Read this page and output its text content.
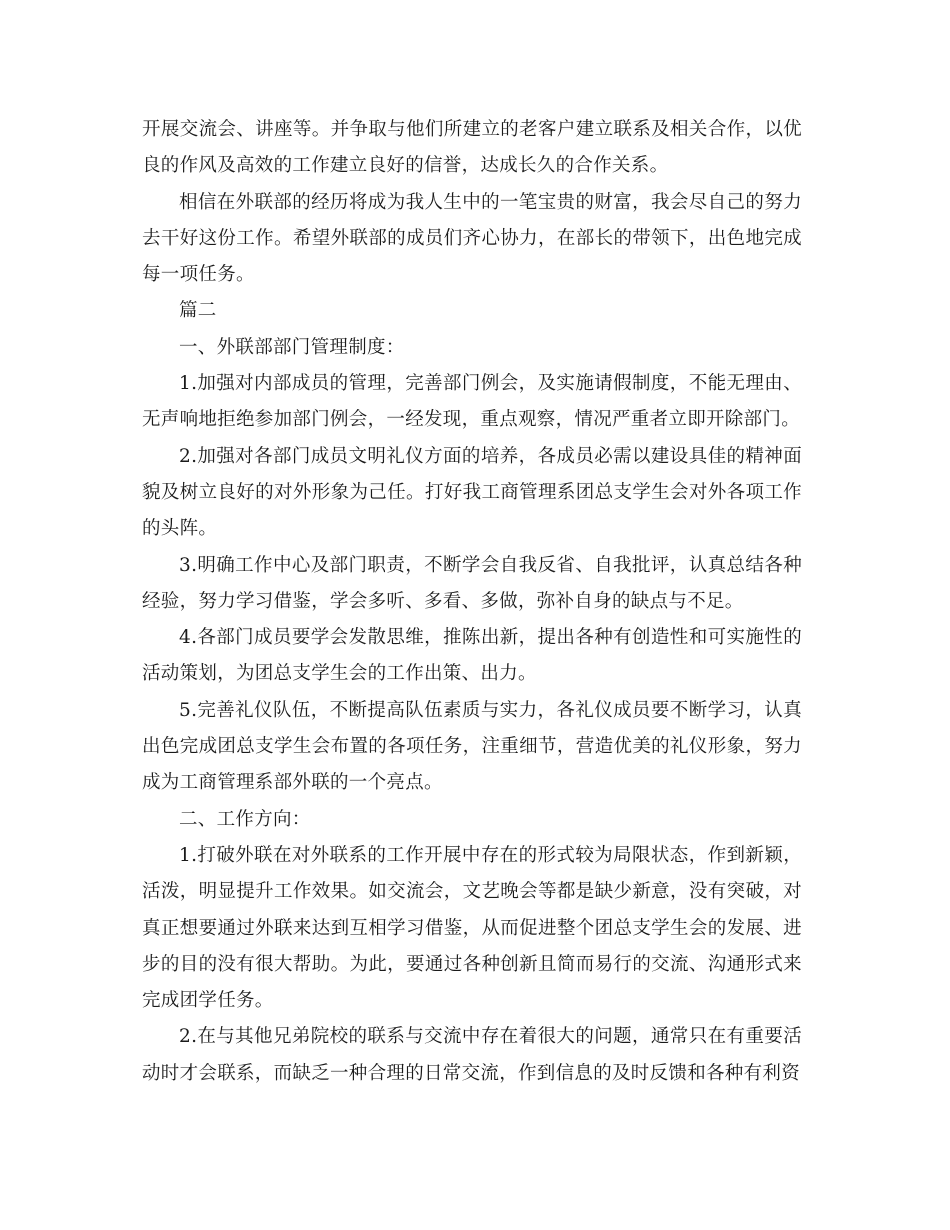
开展交流会、讲座等。并争取与他们所建立的老客户建立联系及相关合作，以优良的作风及高效的工作建立良好的信誉，达成长久的合作关系。

相信在外联部的经历将成为我人生中的一笔宝贵的财富，我会尽自己的努力去干好这份工作。希望外联部的成员们齐心协力，在部长的带领下，出色地完成每一项任务。

篇二

一、外联部部门管理制度：

1.加强对内部成员的管理，完善部门例会，及实施请假制度，不能无理由、无声响地拒绝参加部门例会，一经发现，重点观察，情况严重者立即开除部门。

2.加强对各部门成员文明礼仪方面的培养，各成员必需以建设具佳的精神面貌及树立良好的对外形象为己任。打好我工商管理系团总支学生会对外各项工作的头阵。

3.明确工作中心及部门职责，不断学会自我反省、自我批评，认真总结各种经验，努力学习借鉴，学会多听、多看、多做，弥补自身的缺点与不足。

4.各部门成员要学会发散思维，推陈出新，提出各种有创造性和可实施性的活动策划，为团总支学生会的工作出策、出力。

5.完善礼仪队伍，不断提高队伍素质与实力，各礼仪成员要不断学习，认真出色完成团总支学生会布置的各项任务，注重细节，营造优美的礼仪形象，努力成为工商管理系部外联的一个亮点。

二、工作方向：

1.打破外联在对外联系的工作开展中存在的形式较为局限状态，作到新颖，活泼，明显提升工作效果。如交流会，文艺晚会等都是缺少新意，没有突破，对真正想要通过外联来达到互相学习借鉴，从而促进整个团总支学生会的发展、进步的目的没有很大帮助。为此，要通过各种创新且简而易行的交流、沟通形式来完成团学任务。

2.在与其他兄弟院校的联系与交流中存在着很大的问题，通常只在有重要活动时才会联系，而缺乏一种合理的日常交流，作到信息的及时反馈和各种有利资
